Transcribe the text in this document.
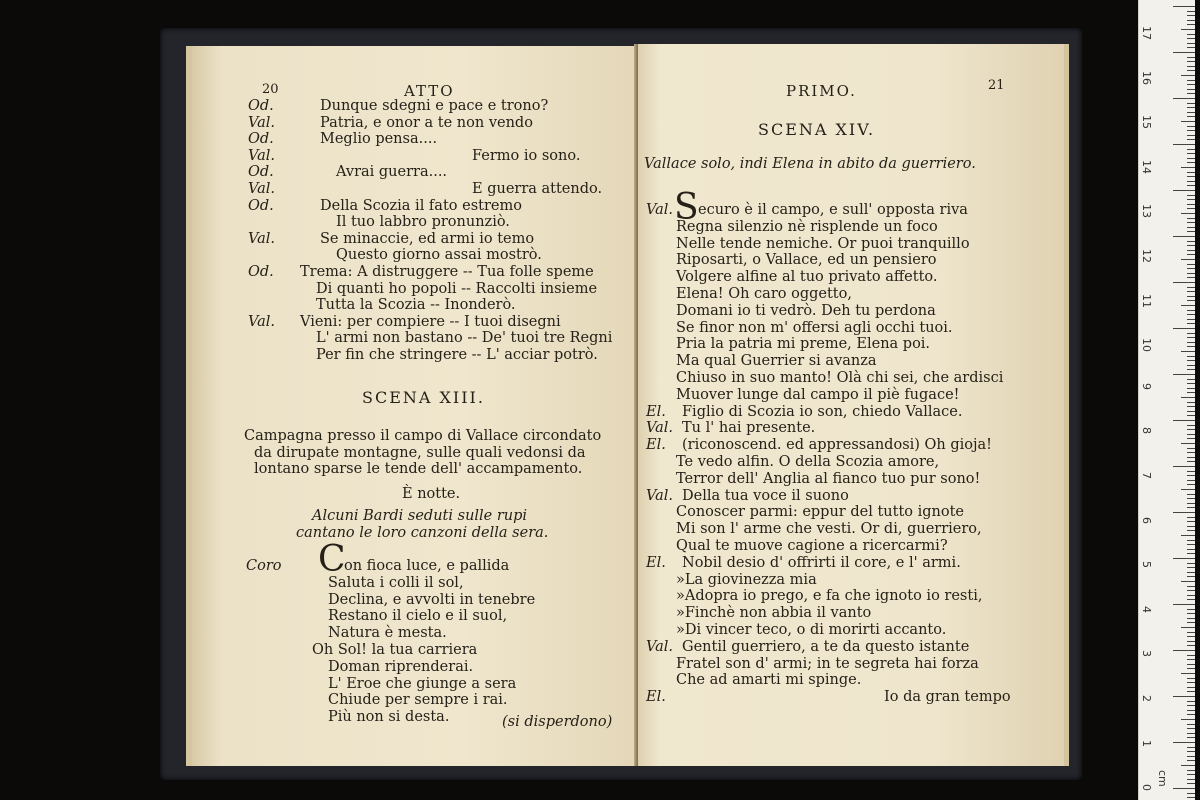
20	ATTO
Od.	Dunque sdegni e pace e trono?
Val.	Patria, e onor a te non vendo
Od.	Meglio pensa....
Val.	Fermo io sono.
Od.	Avrai guerra....
Val.	E guerra attendo.
Od.	Della Scozia il fato estremo
Il tuo labbro pronunziò.
Val.	Se minaccie, ed armi io temo
Questo giorno assai mostrò.
Od. Trema: A distruggere -- Tua folle speme
Di quanti ho popoli -- Raccolti insieme
Tutta la Scozia -- Inonderò.
Val. Vieni: per compiere -- I tuoi disegni
L' armi non bastano -- De' tuoi tre Regni
Per fin che stringere -- L' acciar potrò.
SCENA XIII.
Campagna presso il campo di Vallace circondato
da dirupate montagne, sulle quali vedonsi da
lontano sparse le tende dell' accampamento.
È notte.
Alcuni Bardi seduti sulle rupi
cantano le loro canzoni della sera.
Coro C
on fioca luce, e pallida
Saluta i colli il sol,
Declina, e avvolti in tenebre
Restano il cielo e il suol,
Natura è mesta.
Oh Sol! la tua carriera
Doman riprenderai.
L' Eroe che giunge a sera
Chiude per sempre i rai.
Più non si desta.	(si disperdono)
PRIMO.	21
SCENA XIV.
Vallace solo, indi Elena in abito da guerriero.
S
Val. ecuro è il campo, e sull' opposta riva
Regna silenzio nè risplende un foco
Nelle tende nemiche. Or puoi tranquillo
Riposarti, o Vallace, ed un pensiero
Volgere alfine al tuo privato affetto.
Elena! Oh caro oggetto,
Domani io ti vedrò. Deh tu perdona
Se finor non m' offersi agli occhi tuoi.
Pria la patria mi preme, Elena poi.
Ma qual Guerrier si avanza
Chiuso in suo manto! Olà chi sei, che ardisci
Muover lunge dal campo il piè fugace!
El. Figlio di Scozia io son, chiedo Vallace.
Val. Tu l' hai presente.
El. (riconoscend. ed appressandosi) Oh gioja!
Te vedo alfin. O della Scozia amore,
Terror dell' Anglia al fianco tuo pur sono!
Val. Della tua voce il suono
Conoscer parmi: eppur del tutto ignote
Mi son l' arme che vesti. Or di, guerriero,
Qual te muove cagione a ricercarmi?
El. Nobil desio d' offrirti il core, e l' armi.
»La giovinezza mia
»Adopra io prego, e fa che ignoto io resti,
»Finchè non abbia il vanto
»Di vincer teco, o di morirti accanto.
Val. Gentil guerriero, a te da questo istante
Fratel son d' armi; in te segreta hai forza
Che ad amarti mi spinge.
El.	Io da gran tempo
17
16
15
14
13
12
11
10
9
8
7
6
5
4
3
2
1
0
cm
